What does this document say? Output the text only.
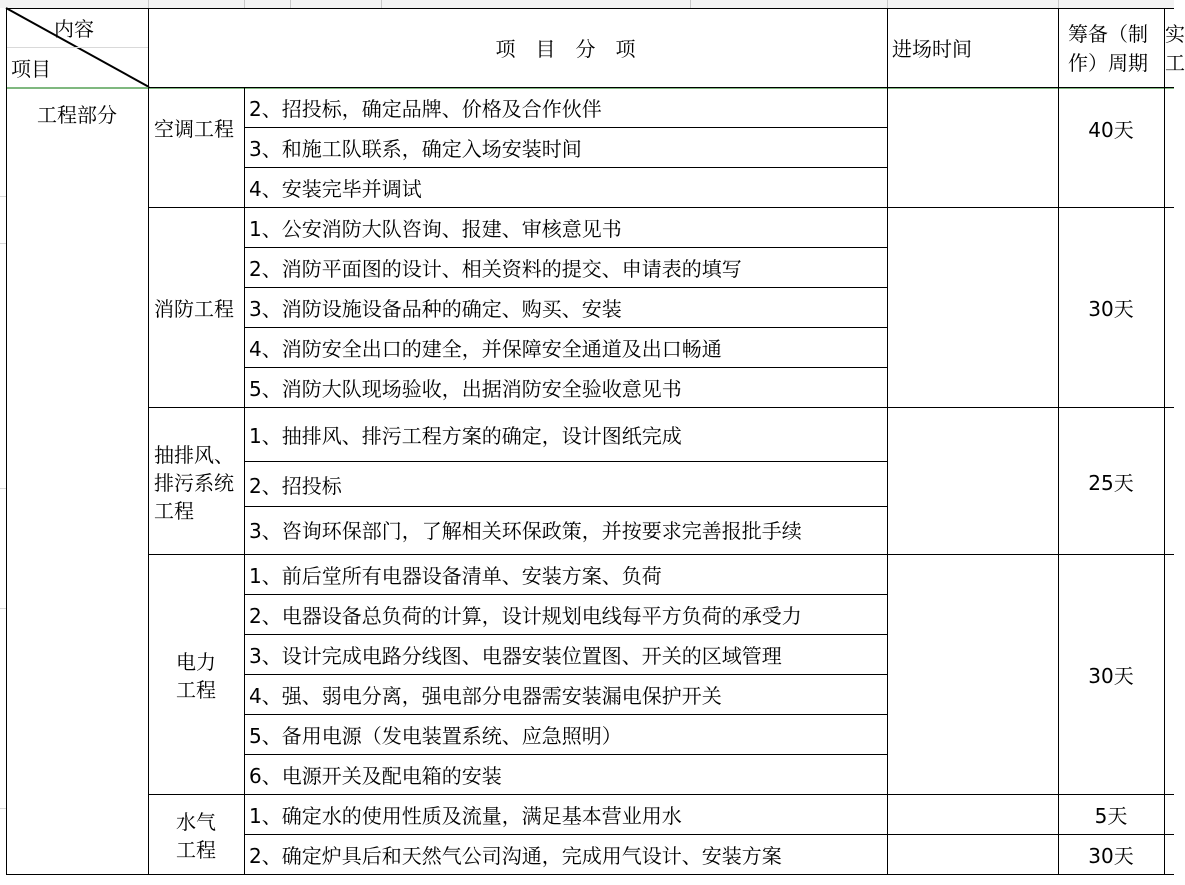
内容
项目
项　目　分　项	进场时间
筹备（制
作）周期
实
工
工程部分
空调工程
2、招投标，确定品牌、价格及合作伙伴
3、和施工队联系，确定入场安装时间
4、安装完毕并调试
40天
消防工程
1、公安消防大队咨询、报建、审核意见书
2、消防平面图的设计、相关资料的提交、申请表的填写
3、消防设施设备品种的确定、购买、安装
4、消防安全出口的建全，并保障安全通道及出口畅通
5、消防大队现场验收，出据消防安全验收意见书
30天
抽排风、
排污系统
工程
1、抽排风、排污工程方案的确定，设计图纸完成
2、招投标
3、咨询环保部门，了解相关环保政策，并按要求完善报批手续
25天
电力
工程
1、前后堂所有电器设备清单、安装方案、负荷
2、电器设备总负荷的计算，设计规划电线每平方负荷的承受力
3、设计完成电路分线图、电器安装位置图、开关的区域管理
4、强、弱电分离，强电部分电器需安装漏电保护开关
5、备用电源（发电装置系统、应急照明）
6、电源开关及配电箱的安装
30天
水气
工程
1、确定水的使用性质及流量，满足基本营业用水
2、确定炉具后和天然气公司沟通，完成用气设计、安装方案
5天
30天
